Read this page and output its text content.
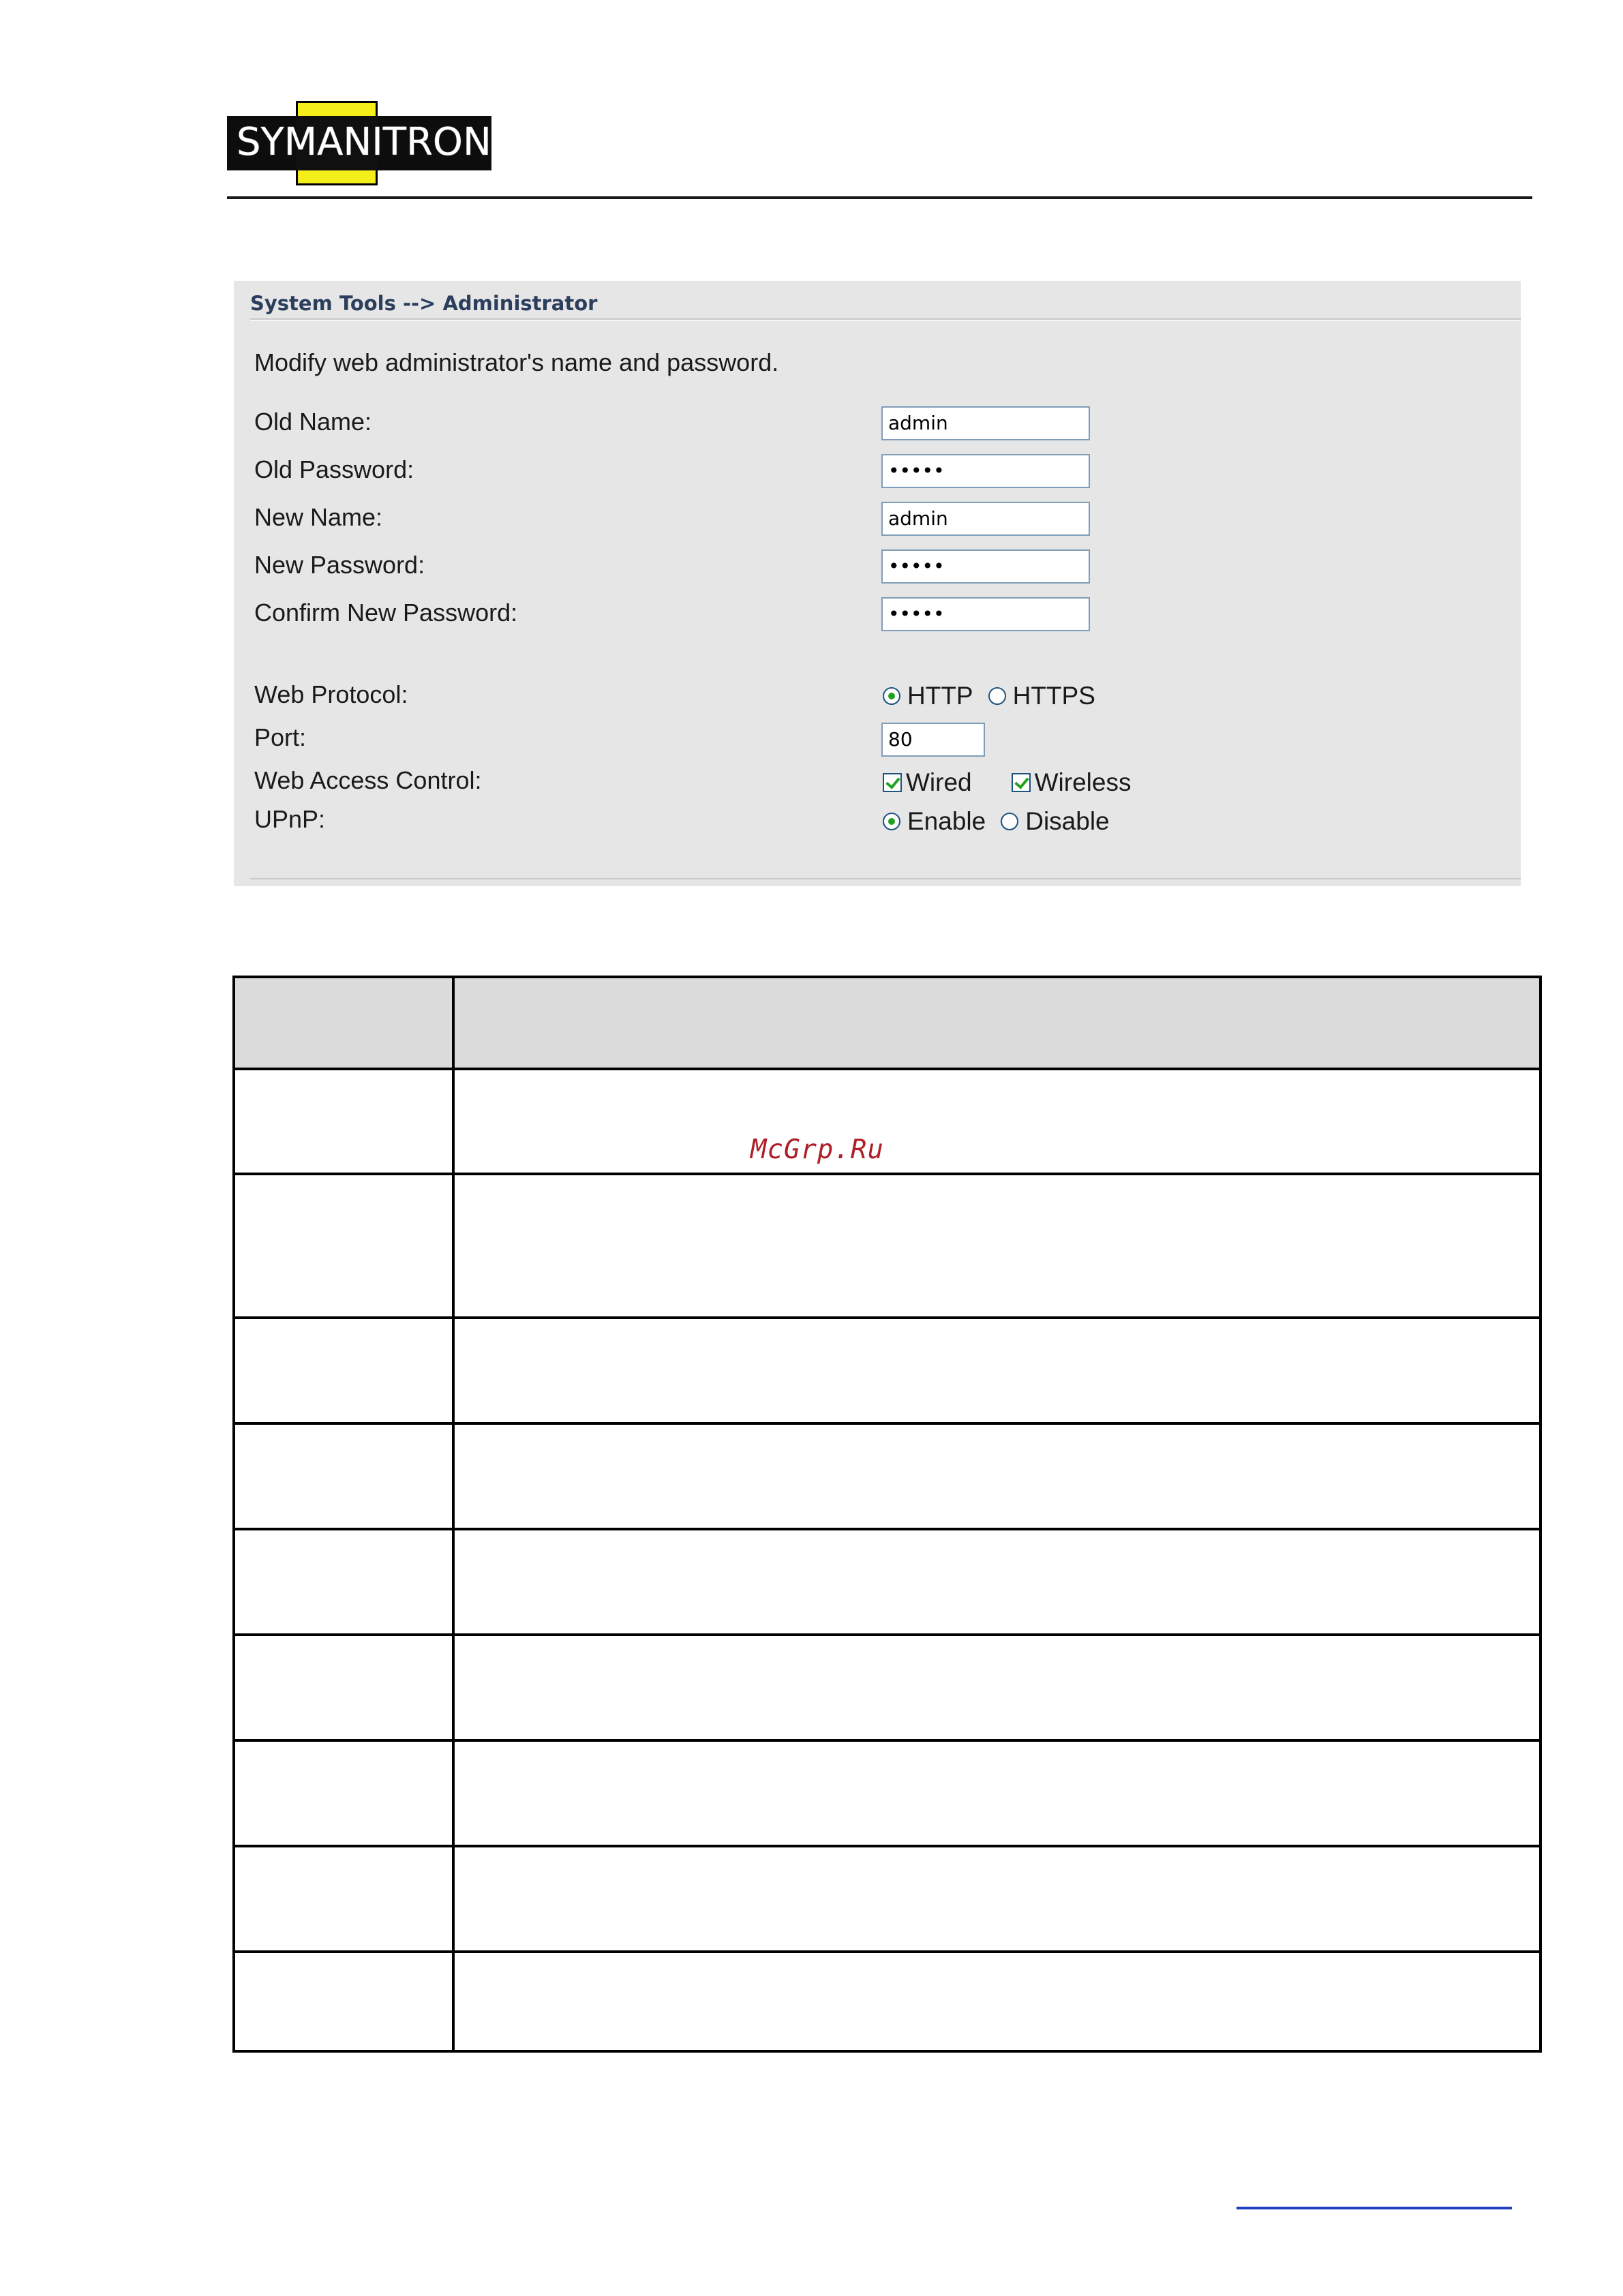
SYMANITRON
System Tools --> Administrator
Modify web administrator's name and password.
Old Name:	admin
Old Password:	•••••
New Name:	admin
New Password:	•••••
Confirm New Password:	•••••
Web Protocol:	HTTP HTTPS
Port:	80
Web Access Control:	Wired Wireless
UPnP:	Enable Disable
McGrp.Ru
